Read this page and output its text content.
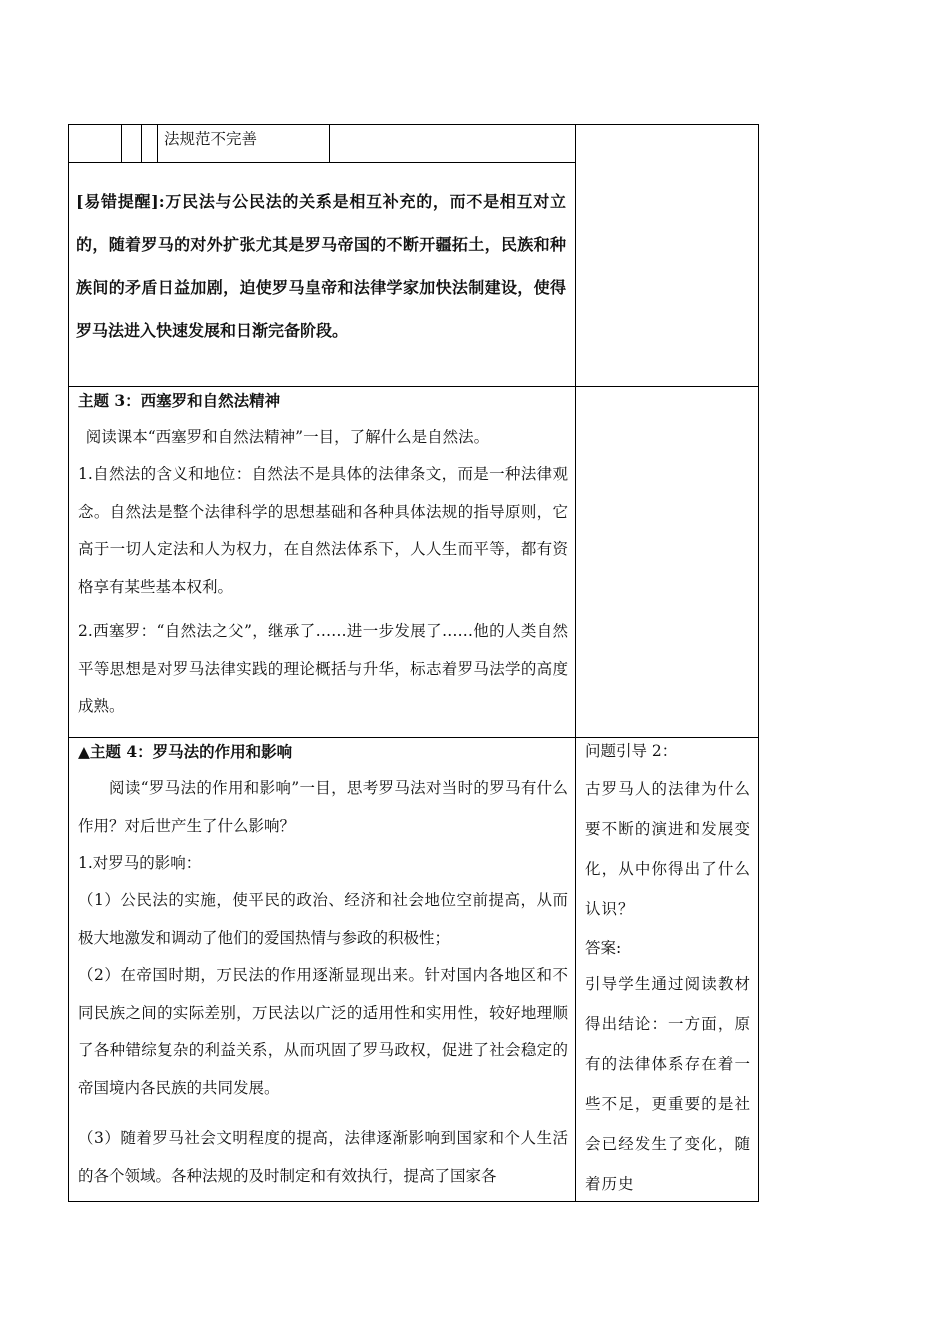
法规范不完善
[易错提醒]:万民法与公民法的关系是相互补充的，而不是相互对立的，随着罗马的对外扩张尤其是罗马帝国的不断开疆拓土，民族和种族间的矛盾日益加剧，迫使罗马皇帝和法律学家加快法制建设，使得罗马法进入快速发展和日渐完备阶段。
主题 3：西塞罗和自然法精神
阅读课本“西塞罗和自然法精神”一目，了解什么是自然法。
1.自然法的含义和地位：自然法不是具体的法律条文，而是一种法律观念。自然法是整个法律科学的思想基础和各种具体法规的指导原则，它高于一切人定法和人为权力，在自然法体系下，人人生而平等，都有资格享有某些基本权利。
2.西塞罗：“自然法之父”，继承了……进一步发展了……他的人类自然平等思想是对罗马法律实践的理论概括与升华，标志着罗马法学的高度成熟。
▲主题 4：罗马法的作用和影响
阅读“罗马法的作用和影响”一目，思考罗马法对当时的罗马有什么作用？对后世产生了什么影响？
1.对罗马的影响：
（1）公民法的实施，使平民的政治、经济和社会地位空前提高，从而极大地激发和调动了他们的爱国热情与参政的积极性；
（2）在帝国时期，万民法的作用逐渐显现出来。针对国内各地区和不同民族之间的实际差别，万民法以广泛的适用性和实用性，较好地理顺了各种错综复杂的利益关系，从而巩固了罗马政权，促进了社会稳定的帝国境内各民族的共同发展。
（3）随着罗马社会文明程度的提高，法律逐渐影响到国家和个人生活的各个领域。各种法规的及时制定和有效执行，提高了国家各
问题引导 2：
古罗马人的法律为什么要不断的演进和发展变化，从中你得出了什么认识？
答案:
引导学生通过阅读教材得出结论：一方面，原有的法律体系存在着一些不足，更重要的是社会已经发生了变化，随着历史
